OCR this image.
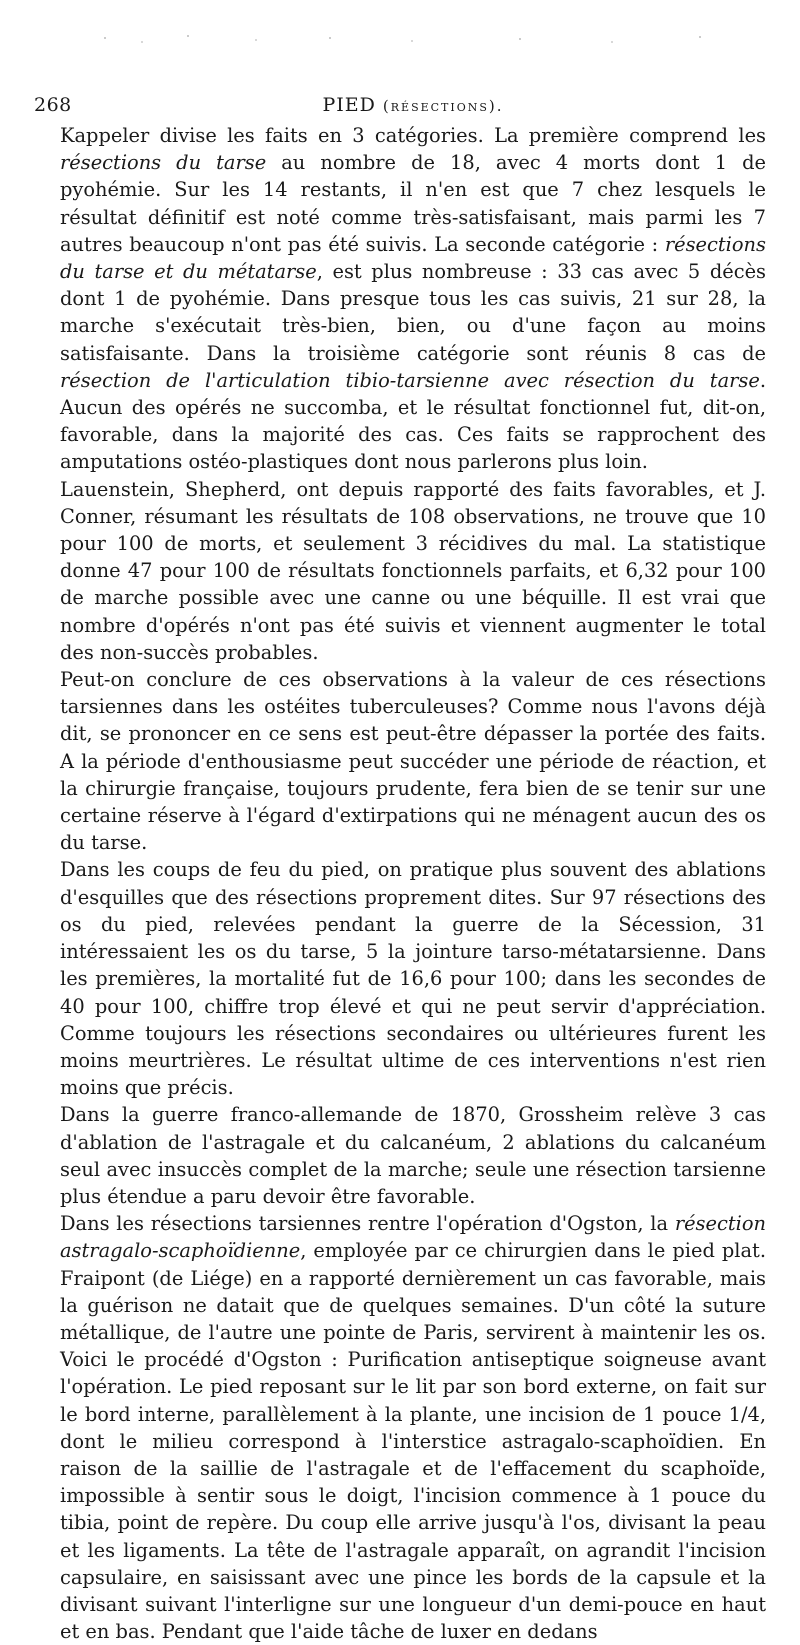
268	PIED (résections).

Kappeler divise les faits en 3 catégories. La première comprend les résections du tarse au nombre de 18, avec 4 morts dont 1 de pyohémie. Sur les 14 restants, il n'en est que 7 chez lesquels le résultat définitif est noté comme très-satisfaisant, mais parmi les 7 autres beaucoup n'ont pas été suivis. La seconde catégorie : résections du tarse et du métatarse, est plus nombreuse : 33 cas avec 5 décès dont 1 de pyohémie. Dans presque tous les cas suivis, 21 sur 28, la marche s'exécutait très-bien, bien, ou d'une façon au moins satisfaisante. Dans la troisième catégorie sont réunis 8 cas de résection de l'articulation tibio-tarsienne avec résection du tarse. Aucun des opérés ne succomba, et le résultat fonctionnel fut, dit-on, favorable, dans la majorité des cas. Ces faits se rapprochent des amputations ostéo-plastiques dont nous parlerons plus loin.

Lauenstein, Shepherd, ont depuis rapporté des faits favorables, et J. Conner, résumant les résultats de 108 observations, ne trouve que 10 pour 100 de morts, et seulement 3 récidives du mal. La statistique donne 47 pour 100 de résultats fonctionnels parfaits, et 6,32 pour 100 de marche possible avec une canne ou une béquille. Il est vrai que nombre d'opérés n'ont pas été suivis et viennent augmenter le total des non-succès probables.

Peut-on conclure de ces observations à la valeur de ces résections tarsiennes dans les ostéites tuberculeuses? Comme nous l'avons déjà dit, se prononcer en ce sens est peut-être dépasser la portée des faits. A la période d'enthousiasme peut succéder une période de réaction, et la chirurgie française, toujours prudente, fera bien de se tenir sur une certaine réserve à l'égard d'extirpations qui ne ménagent aucun des os du tarse.

Dans les coups de feu du pied, on pratique plus souvent des ablations d'esquilles que des résections proprement dites. Sur 97 résections des os du pied, relevées pendant la guerre de la Sécession, 31 intéressaient les os du tarse, 5 la jointure tarso-métatarsienne. Dans les premières, la mortalité fut de 16,6 pour 100; dans les secondes de 40 pour 100, chiffre trop élevé et qui ne peut servir d'appréciation. Comme toujours les résections secondaires ou ultérieures furent les moins meurtrières. Le résultat ultime de ces interventions n'est rien moins que précis.

Dans la guerre franco-allemande de 1870, Grossheim relève 3 cas d'ablation de l'astragale et du calcanéum, 2 ablations du calcanéum seul avec insuccès complet de la marche; seule une résection tarsienne plus étendue a paru devoir être favorable.

Dans les résections tarsiennes rentre l'opération d'Ogston, la résection astragalo-scaphoïdienne, employée par ce chirurgien dans le pied plat. Fraipont (de Liége) en a rapporté dernièrement un cas favorable, mais la guérison ne datait que de quelques semaines. D'un côté la suture métallique, de l'autre une pointe de Paris, servirent à maintenir les os. Voici le procédé d'Ogston : Purification antiseptique soigneuse avant l'opération. Le pied reposant sur le lit par son bord externe, on fait sur le bord interne, parallèlement à la plante, une incision de 1 pouce 1/4, dont le milieu correspond à l'interstice astragalo-scaphoïdien. En raison de la saillie de l'astragale et de l'effacement du scaphoïde, impossible à sentir sous le doigt, l'incision commence à 1 pouce du tibia, point de repère. Du coup elle arrive jusqu'à l'os, divisant la peau et les ligaments. La tête de l'astragale apparaît, on agrandit l'incision capsulaire, en saisissant avec une pince les bords de la capsule et la divisant suivant l'interligne sur une longueur d'un demi-pouce en haut et en bas. Pendant que l'aide tâche de luxer en dedans
